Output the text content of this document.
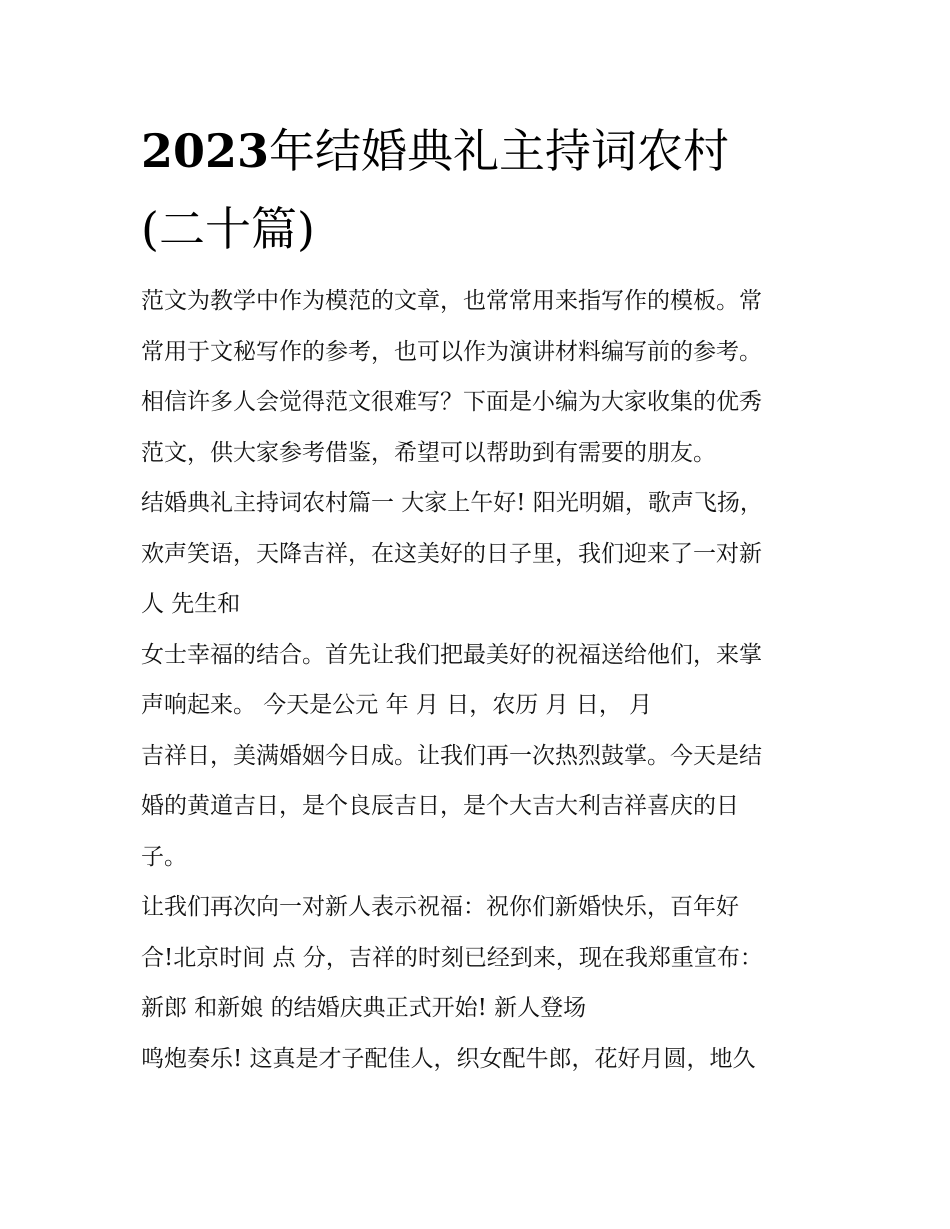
2023年结婚典礼主持词农村
(二十篇)
范文为教学中作为模范的文章，也常常用来指写作的模板。常
常用于文秘写作的参考，也可以作为演讲材料编写前的参考。
相信许多人会觉得范文很难写？下面是小编为大家收集的优秀
范文，供大家参考借鉴，希望可以帮助到有需要的朋友。
结婚典礼主持词农村篇一 大家上午好! 阳光明媚，歌声飞扬，
欢声笑语，天降吉祥，在这美好的日子里，我们迎来了一对新
人 先生和
女士幸福的结合。首先让我们把最美好的祝福送给他们，来掌
声响起来。 今天是公元 年 月 日，农历 月 日， 月
吉祥日，美满婚姻今日成。让我们再一次热烈鼓掌。今天是结
婚的黄道吉日，是个良辰吉日，是个大吉大利吉祥喜庆的日
子。
让我们再次向一对新人表示祝福：祝你们新婚快乐，百年好
合!北京时间 点 分，吉祥的时刻已经到来，现在我郑重宣布：
新郎 和新娘 的结婚庆典正式开始! 新人登场
鸣炮奏乐! 这真是才子配佳人，织女配牛郎，花好月圆，地久
